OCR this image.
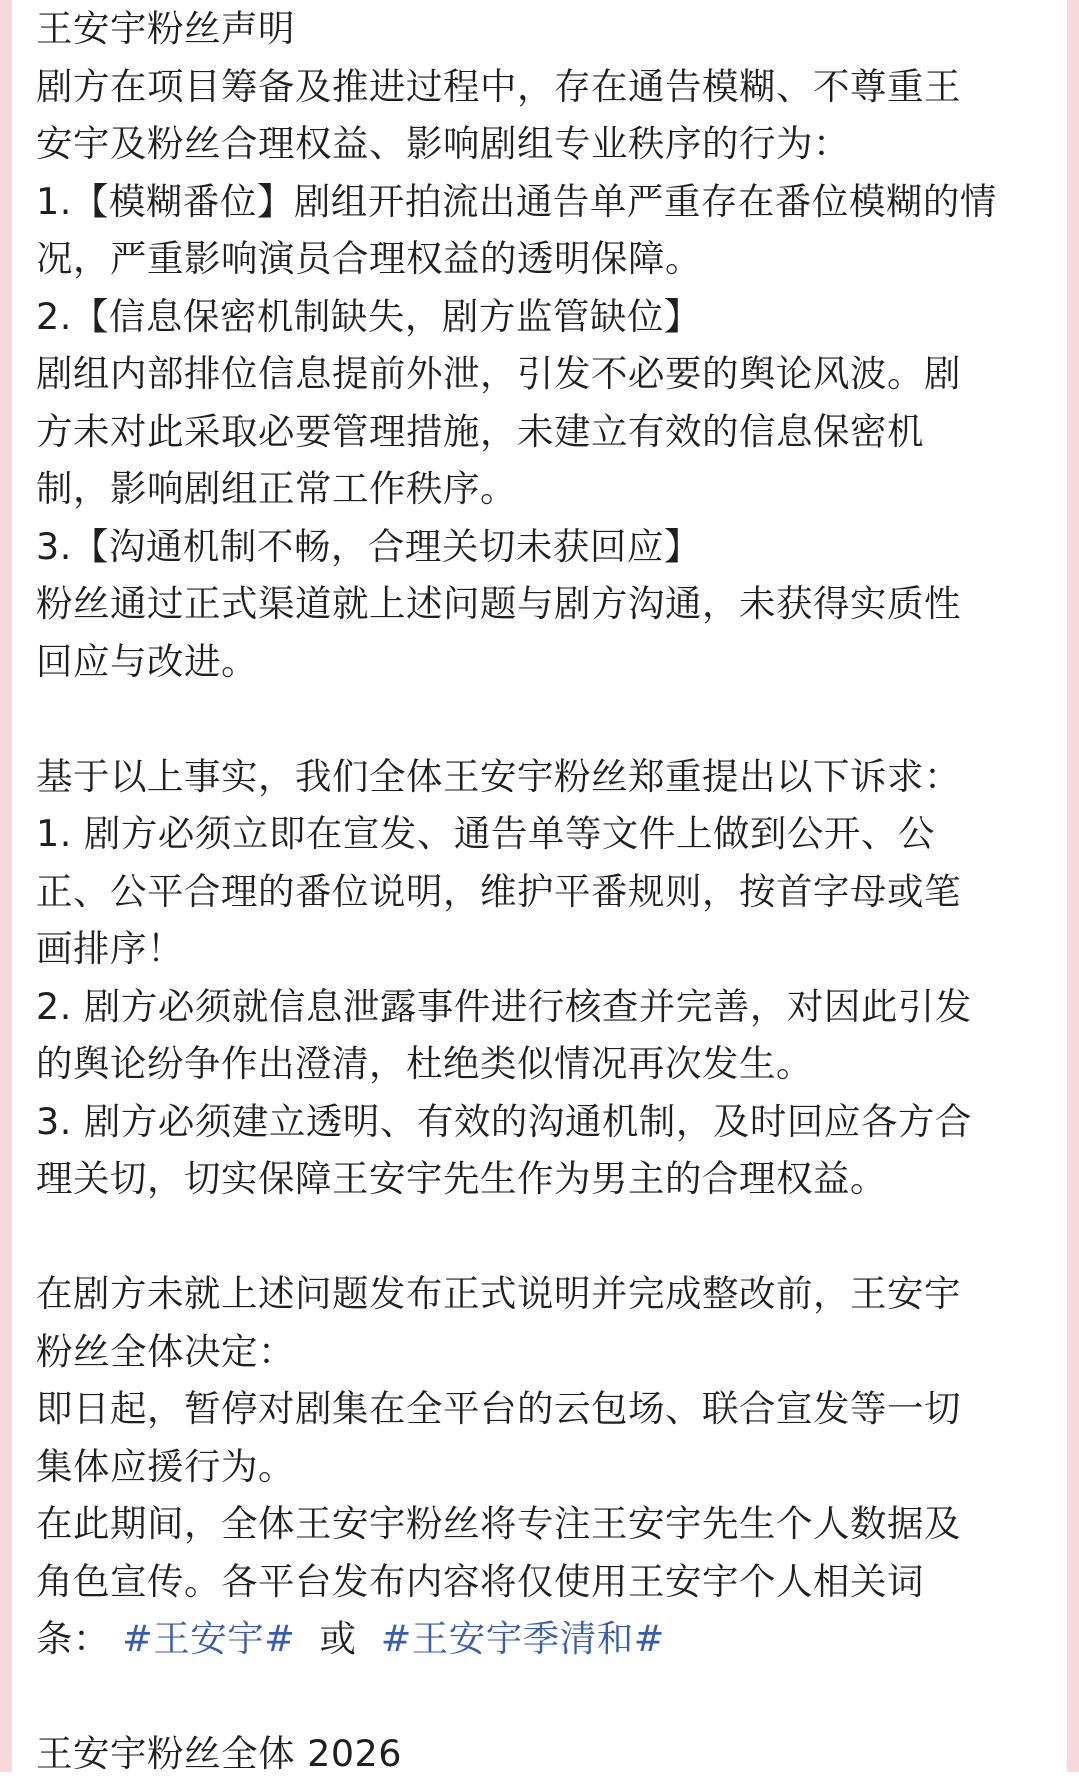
王安宇粉丝声明
剧方在项目筹备及推进过程中，存在通告模糊、不尊重王
安宇及粉丝合理权益、影响剧组专业秩序的行为：
1.【模糊番位】剧组开拍流出通告单严重存在番位模糊的情
况，严重影响演员合理权益的透明保障。
2.【信息保密机制缺失，剧方监管缺位】
剧组内部排位信息提前外泄，引发不必要的舆论风波。剧
方未对此采取必要管理措施，未建立有效的信息保密机
制，影响剧组正常工作秩序。
3.【沟通机制不畅，合理关切未获回应】
粉丝通过正式渠道就上述问题与剧方沟通，未获得实质性
回应与改进。
基于以上事实，我们全体王安宇粉丝郑重提出以下诉求：
1. 剧方必须立即在宣发、通告单等文件上做到公开、公
正、公平合理的番位说明，维护平番规则，按首字母或笔
画排序！
2. 剧方必须就信息泄露事件进行核查并完善，对因此引发
的舆论纷争作出澄清，杜绝类似情况再次发生。
3. 剧方必须建立透明、有效的沟通机制，及时回应各方合
理关切，切实保障王安宇先生作为男主的合理权益。
在剧方未就上述问题发布正式说明并完成整改前，王安宇
粉丝全体决定：
即日起，暂停对剧集在全平台的云包场、联合宣发等一切
集体应援行为。
在此期间，全体王安宇粉丝将专注王安宇先生个人数据及
角色宣传。各平台发布内容将仅使用王安宇个人相关词
条： #王安宇#  或  #王安宇季清和#
王安宇粉丝全体 2026
